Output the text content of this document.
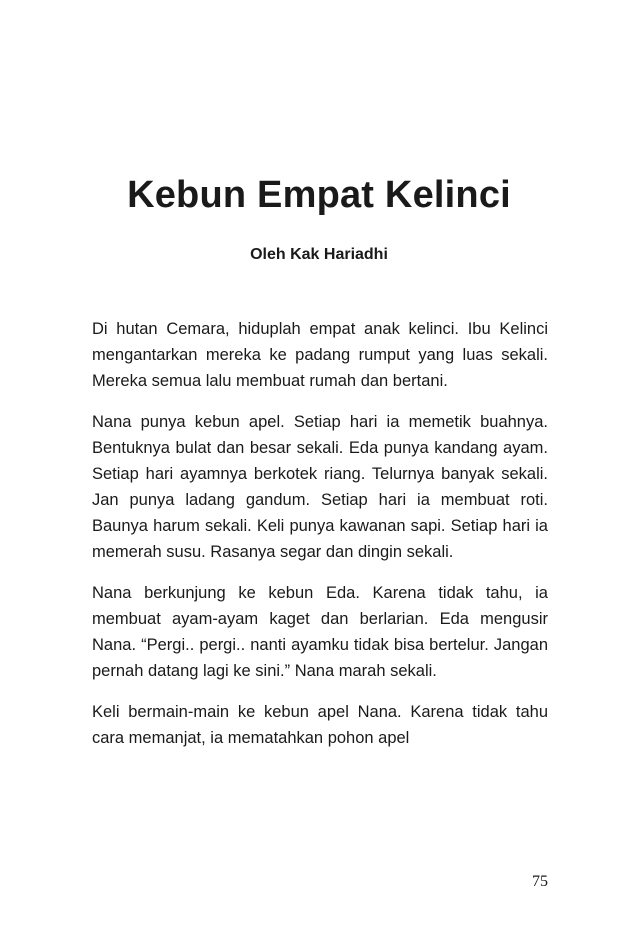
Kebun Empat Kelinci
Oleh Kak Hariadhi

Di hutan Cemara, hiduplah empat anak kelinci. Ibu Kelinci mengantarkan mereka ke padang rumput yang luas sekali. Mereka semua lalu membuat rumah dan bertani.

Nana punya kebun apel. Setiap hari ia memetik buahnya. Bentuknya bulat dan besar sekali. Eda punya kandang ayam. Setiap hari ayamnya berkotek riang. Telurnya banyak sekali. Jan punya ladang gandum. Setiap hari ia membuat roti. Baunya harum sekali. Keli punya kawanan sapi. Setiap hari ia memerah susu. Rasanya segar dan dingin sekali.

Nana berkunjung ke kebun Eda. Karena tidak tahu, ia membuat ayam-ayam kaget dan berlarian. Eda mengusir Nana. “Pergi.. pergi.. nanti ayamku tidak bisa bertelur. Jangan pernah datang lagi ke sini.” Nana marah sekali.

Keli bermain-main ke kebun apel Nana. Karena tidak tahu cara memanjat, ia mematahkan pohon apel

75
